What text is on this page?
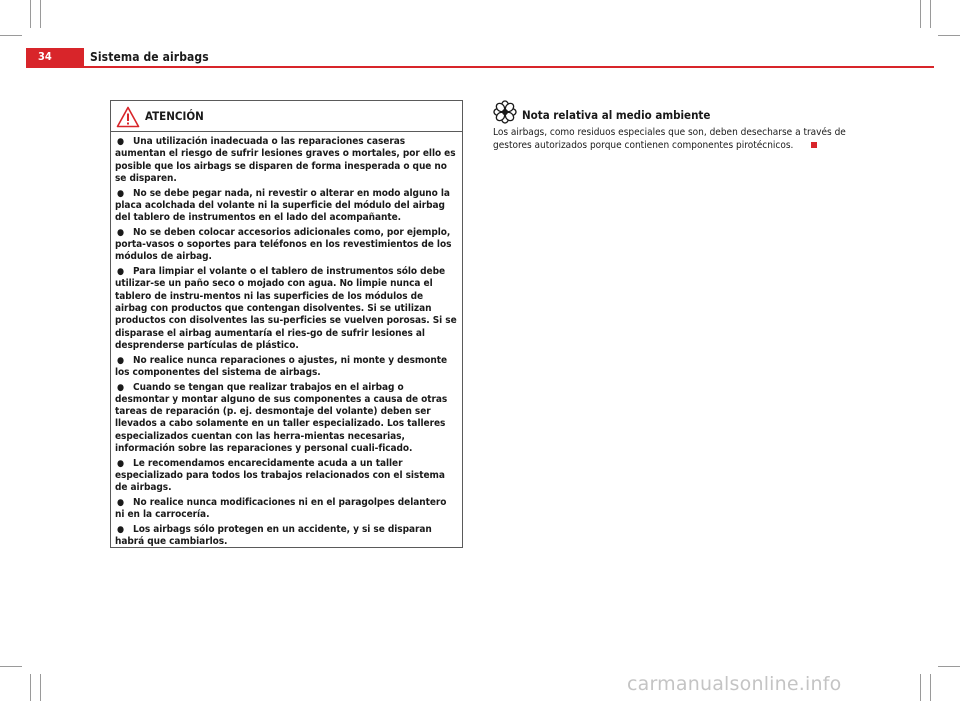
34	Sistema de airbags
ATENCIÓN
● Una utilización inadecuada o las reparaciones caseras aumentan el riesgo de sufrir lesiones graves o mortales, por ello es posible que los airbags se disparen de forma inesperada o que no se disparen.
● No se debe pegar nada, ni revestir o alterar en modo alguno la placa acolchada del volante ni la superficie del módulo del airbag del tablero de instrumentos en el lado del acompañante.
● No se deben colocar accesorios adicionales como, por ejemplo, porta-vasos o soportes para teléfonos en los revestimientos de los módulos de airbag.
● Para limpiar el volante o el tablero de instrumentos sólo debe utilizar-se un paño seco o mojado con agua. No limpie nunca el tablero de instru-mentos ni las superficies de los módulos de airbag con productos que contengan disolventes. Si se utilizan productos con disolventes las su-perficies se vuelven porosas. Si se disparase el airbag aumentaría el ries-go de sufrir lesiones al desprenderse partículas de plástico.
● No realice nunca reparaciones o ajustes, ni monte y desmonte los componentes del sistema de airbags.
● Cuando se tengan que realizar trabajos en el airbag o desmontar y montar alguno de sus componentes a causa de otras tareas de reparación (p. ej. desmontaje del volante) deben ser llevados a cabo solamente en un taller especializado. Los talleres especializados cuentan con las herra-mientas necesarias, información sobre las reparaciones y personal cuali-ficado.
● Le recomendamos encarecidamente acuda a un taller especializado para todos los trabajos relacionados con el sistema de airbags.
● No realice nunca modificaciones ni en el paragolpes delantero ni en la carrocería.
● Los airbags sólo protegen en un accidente, y si se disparan habrá que cambiarlos.
Nota relativa al medio ambiente
Los airbags, como residuos especiales que son, deben desecharse a través de gestores autorizados porque contienen componentes pirotécnicos.
carmanualsonline.info
